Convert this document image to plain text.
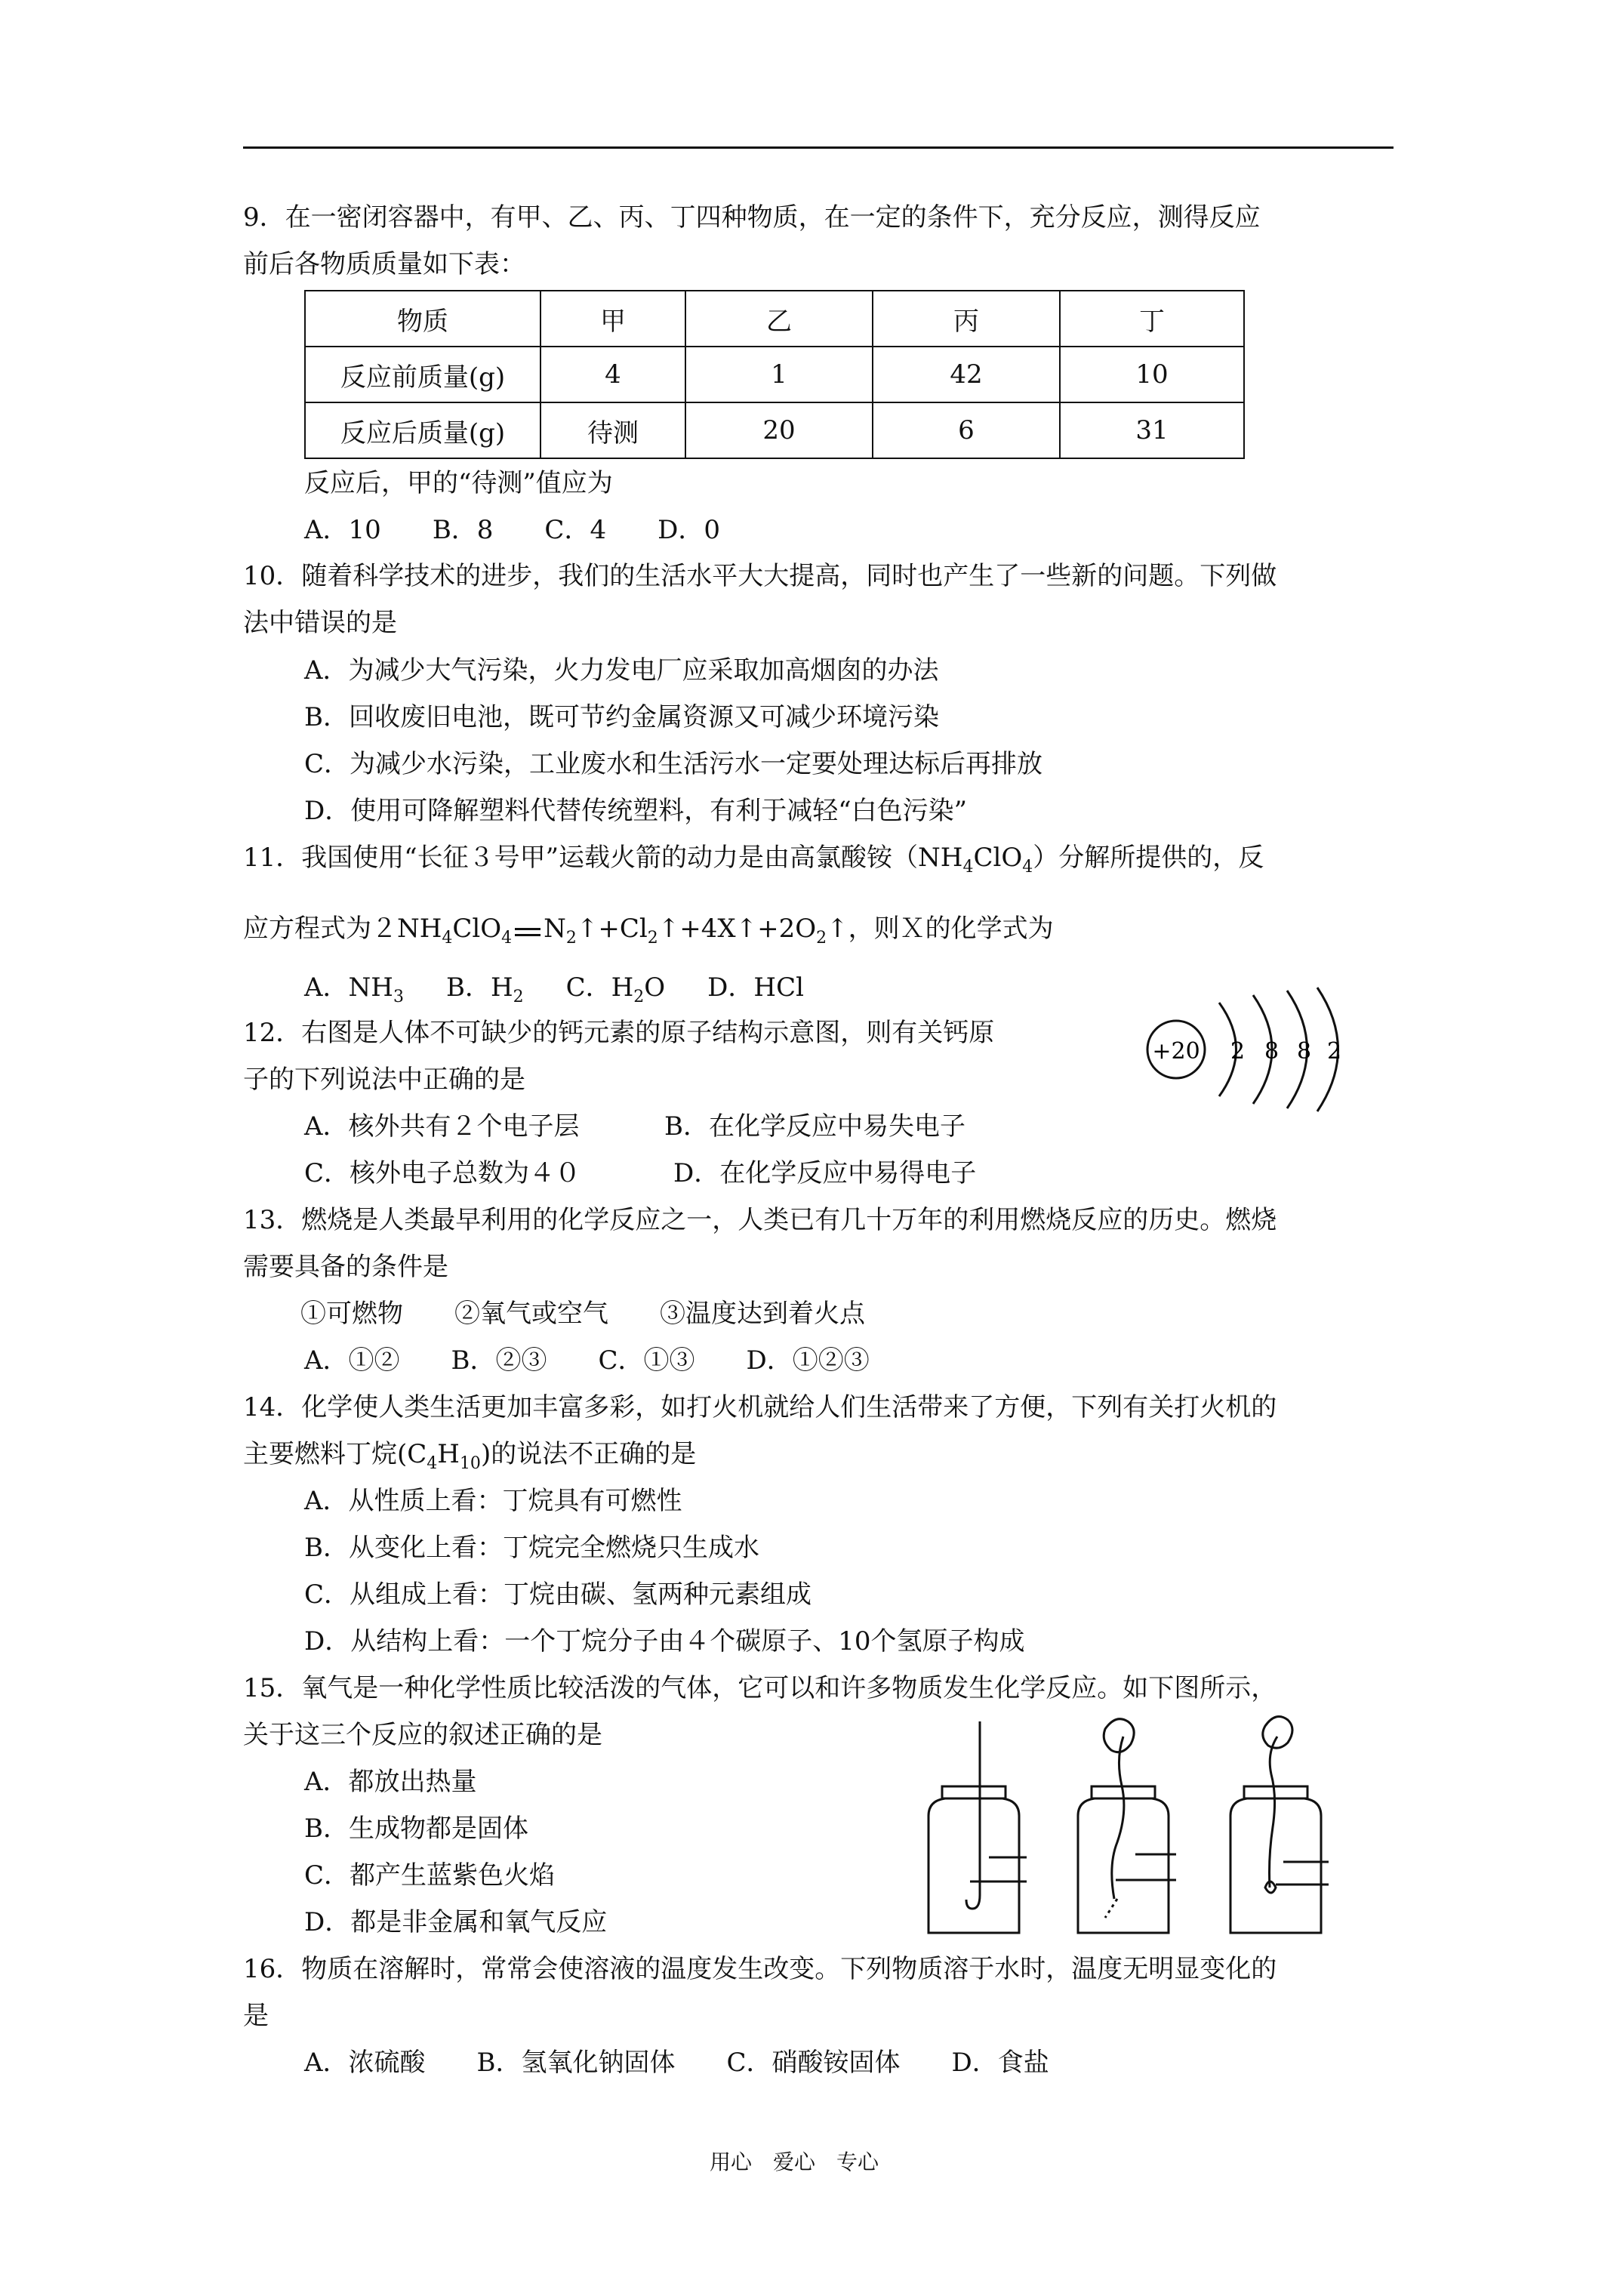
9．在一密闭容器中，有甲、乙、丙、丁四种物质，在一定的条件下，充分反应，测得反应
前后各物质质量如下表：
物质	甲	乙	丙	丁
反应前质量(g)	4	1	42	10
反应后质量(g)	待测	20	6	31
反应后，甲的“待测”值应为
A．10　　B．8　　C．4　　D．0
10．随着科学技术的进步，我们的生活水平大大提高，同时也产生了一些新的问题。下列做
法中错误的是
A．为减少大气污染，火力发电厂应采取加高烟囱的办法
B．回收废旧电池，既可节约金属资源又可减少环境污染
C．为减少水污染，工业废水和生活污水一定要处理达标后再排放
D．使用可降解塑料代替传统塑料，有利于减轻“白色污染”
11．我国使用“长征３号甲”运载火箭的动力是由高氯酸铵$(NH_4ClO_4)$分解所提供的，反
应方程式为$2NH_4ClO_4$ $N_2↑+Cl_2↑+4X↑+2O_2↑$，则Ｘ的化学式为
A．$NH_3$ B．$H_2$ C．$H_2O$ D．HCl
12．右图是人体不可缺少的钙元素的原子结构示意图，则有关钙原
子的下列说法中正确的是
A．核外共有２个电子层	B．在化学反应中易失电子
C．核外电子总数为４０	D．在化学反应中易得电子
+20 2 8 8 2
13．燃烧是人类最早利用的化学反应之一，人类已有几十万年的利用燃烧反应的历史。燃烧
需要具备的条件是
①可燃物　　②氧气或空气　　③温度达到着火点
A．①②　　B．②③　　C．①③　　D．①②③
14．化学使人类生活更加丰富多彩，如打火机就给人们生活带来了方便，下列有关打火机的
主要燃料丁烷$(C_4H_{10})$的说法不正确的是
A．从性质上看：丁烷具有可燃性
B．从变化上看：丁烷完全燃烧只生成水
C．从组成上看：丁烷由碳、氢两种元素组成
D．从结构上看：一个丁烷分子由４个碳原子、10个氢原子构成
15．氧气是一种化学性质比较活泼的气体，它可以和许多物质发生化学反应。如下图所示，
关于这三个反应的叙述正确的是
A．都放出热量
B．生成物都是固体
C．都产生蓝紫色火焰
D．都是非金属和氧气反应
16．物质在溶解时，常常会使溶液的温度发生改变。下列物质溶于水时，温度无明显变化的
是
A．浓硫酸　　B．氢氧化钠固体　　C．硝酸铵固体　　D．食盐
用心　爱心　专心
